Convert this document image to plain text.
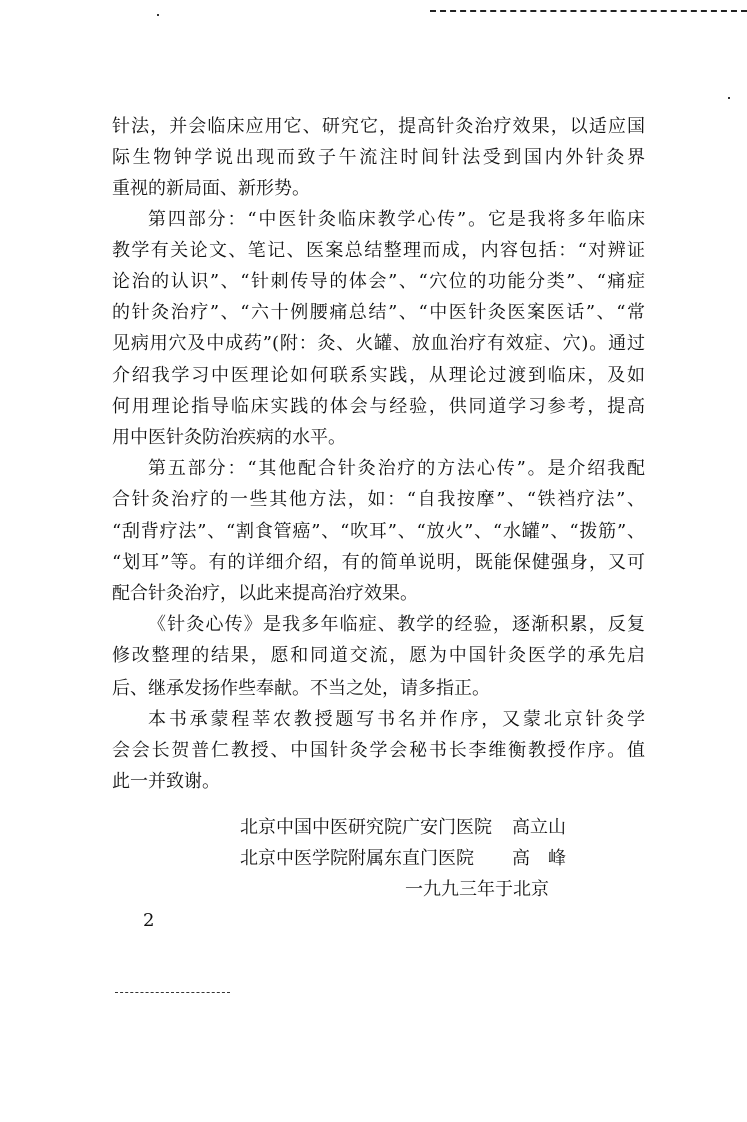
针法，并会临床应用它、研究它，提高针灸治疗效果，以适应国
际生物钟学说出现而致子午流注时间针法受到国内外针灸界
重视的新局面、新形势。
第四部分：“中医针灸临床教学心传”。它是我将多年临床
教学有关论文、笔记、医案总结整理而成，内容包括：“对辨证
论治的认识”、“针刺传导的体会”、“穴位的功能分类”、“痛症
的针灸治疗”、“六十例腰痛总结”、“中医针灸医案医话”、“常
见病用穴及中成药”(附：灸、火罐、放血治疗有效症、穴)。通过
介绍我学习中医理论如何联系实践，从理论过渡到临床，及如
何用理论指导临床实践的体会与经验，供同道学习参考，提高
用中医针灸防治疾病的水平。
第五部分：“其他配合针灸治疗的方法心传”。是介绍我配
合针灸治疗的一些其他方法，如：“自我按摩”、“铁裆疗法”、
“刮背疗法”、“割食管癌”、“吹耳”、“放火”、“水罐”、“拨筋”、
“划耳”等。有的详细介绍，有的简单说明，既能保健强身，又可
配合针灸治疗，以此来提高治疗效果。
《针灸心传》是我多年临症、教学的经验，逐渐积累，反复
修改整理的结果，愿和同道交流，愿为中国针灸医学的承先启
后、继承发扬作些奉献。不当之处，请多指正。
本书承蒙程莘农教授题写书名并作序，又蒙北京针灸学
会会长贺普仁教授、中国针灸学会秘书长李维衡教授作序。值
此一并致谢。
北京中国中医研究院广安门医院 高立山
北京中医学院附属东直门医院 高　峰
一九九三年于北京
2
